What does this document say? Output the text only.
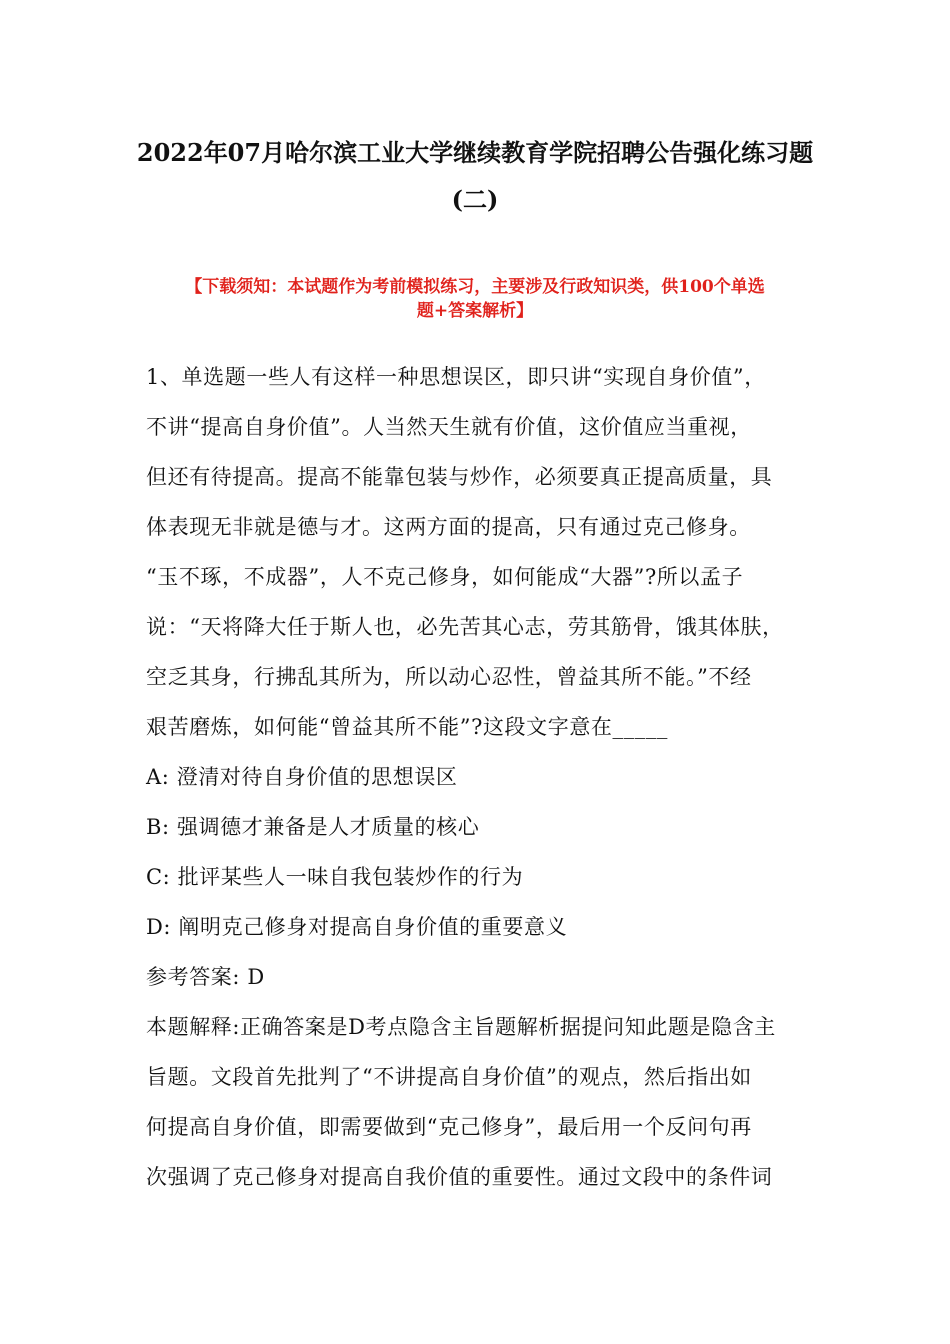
2022年07月哈尔滨工业大学继续教育学院招聘公告强化练习题
(二)
【下载须知：本试题作为考前模拟练习，主要涉及行政知识类，供100个单选
题+答案解析】
1、单选题一些人有这样一种思想误区，即只讲“实现自身价值”，
不讲“提高自身价值”。人当然天生就有价值，这价值应当重视，
但还有待提高。提高不能靠包装与炒作，必须要真正提高质量，具
体表现无非就是德与才。这两方面的提高，只有通过克己修身。
“玉不琢，不成器”，人不克己修身，如何能成“大器”?所以孟子
说：“天将降大任于斯人也，必先苦其心志，劳其筋骨，饿其体肤，
空乏其身，行拂乱其所为，所以动心忍性，曾益其所不能。”不经
艰苦磨炼，如何能“曾益其所不能”?这段文字意在_____
A: 澄清对待自身价值的思想误区
B: 强调德才兼备是人才质量的核心
C: 批评某些人一味自我包装炒作的行为
D: 阐明克己修身对提高自身价值的重要意义
参考答案: D
本题解释:正确答案是D考点隐含主旨题解析据提问知此题是隐含主
旨题。文段首先批判了“不讲提高自身价值”的观点，然后指出如
何提高自身价值，即需要做到“克己修身”，最后用一个反问句再
次强调了克己修身对提高自我价值的重要性。通过文段中的条件词
